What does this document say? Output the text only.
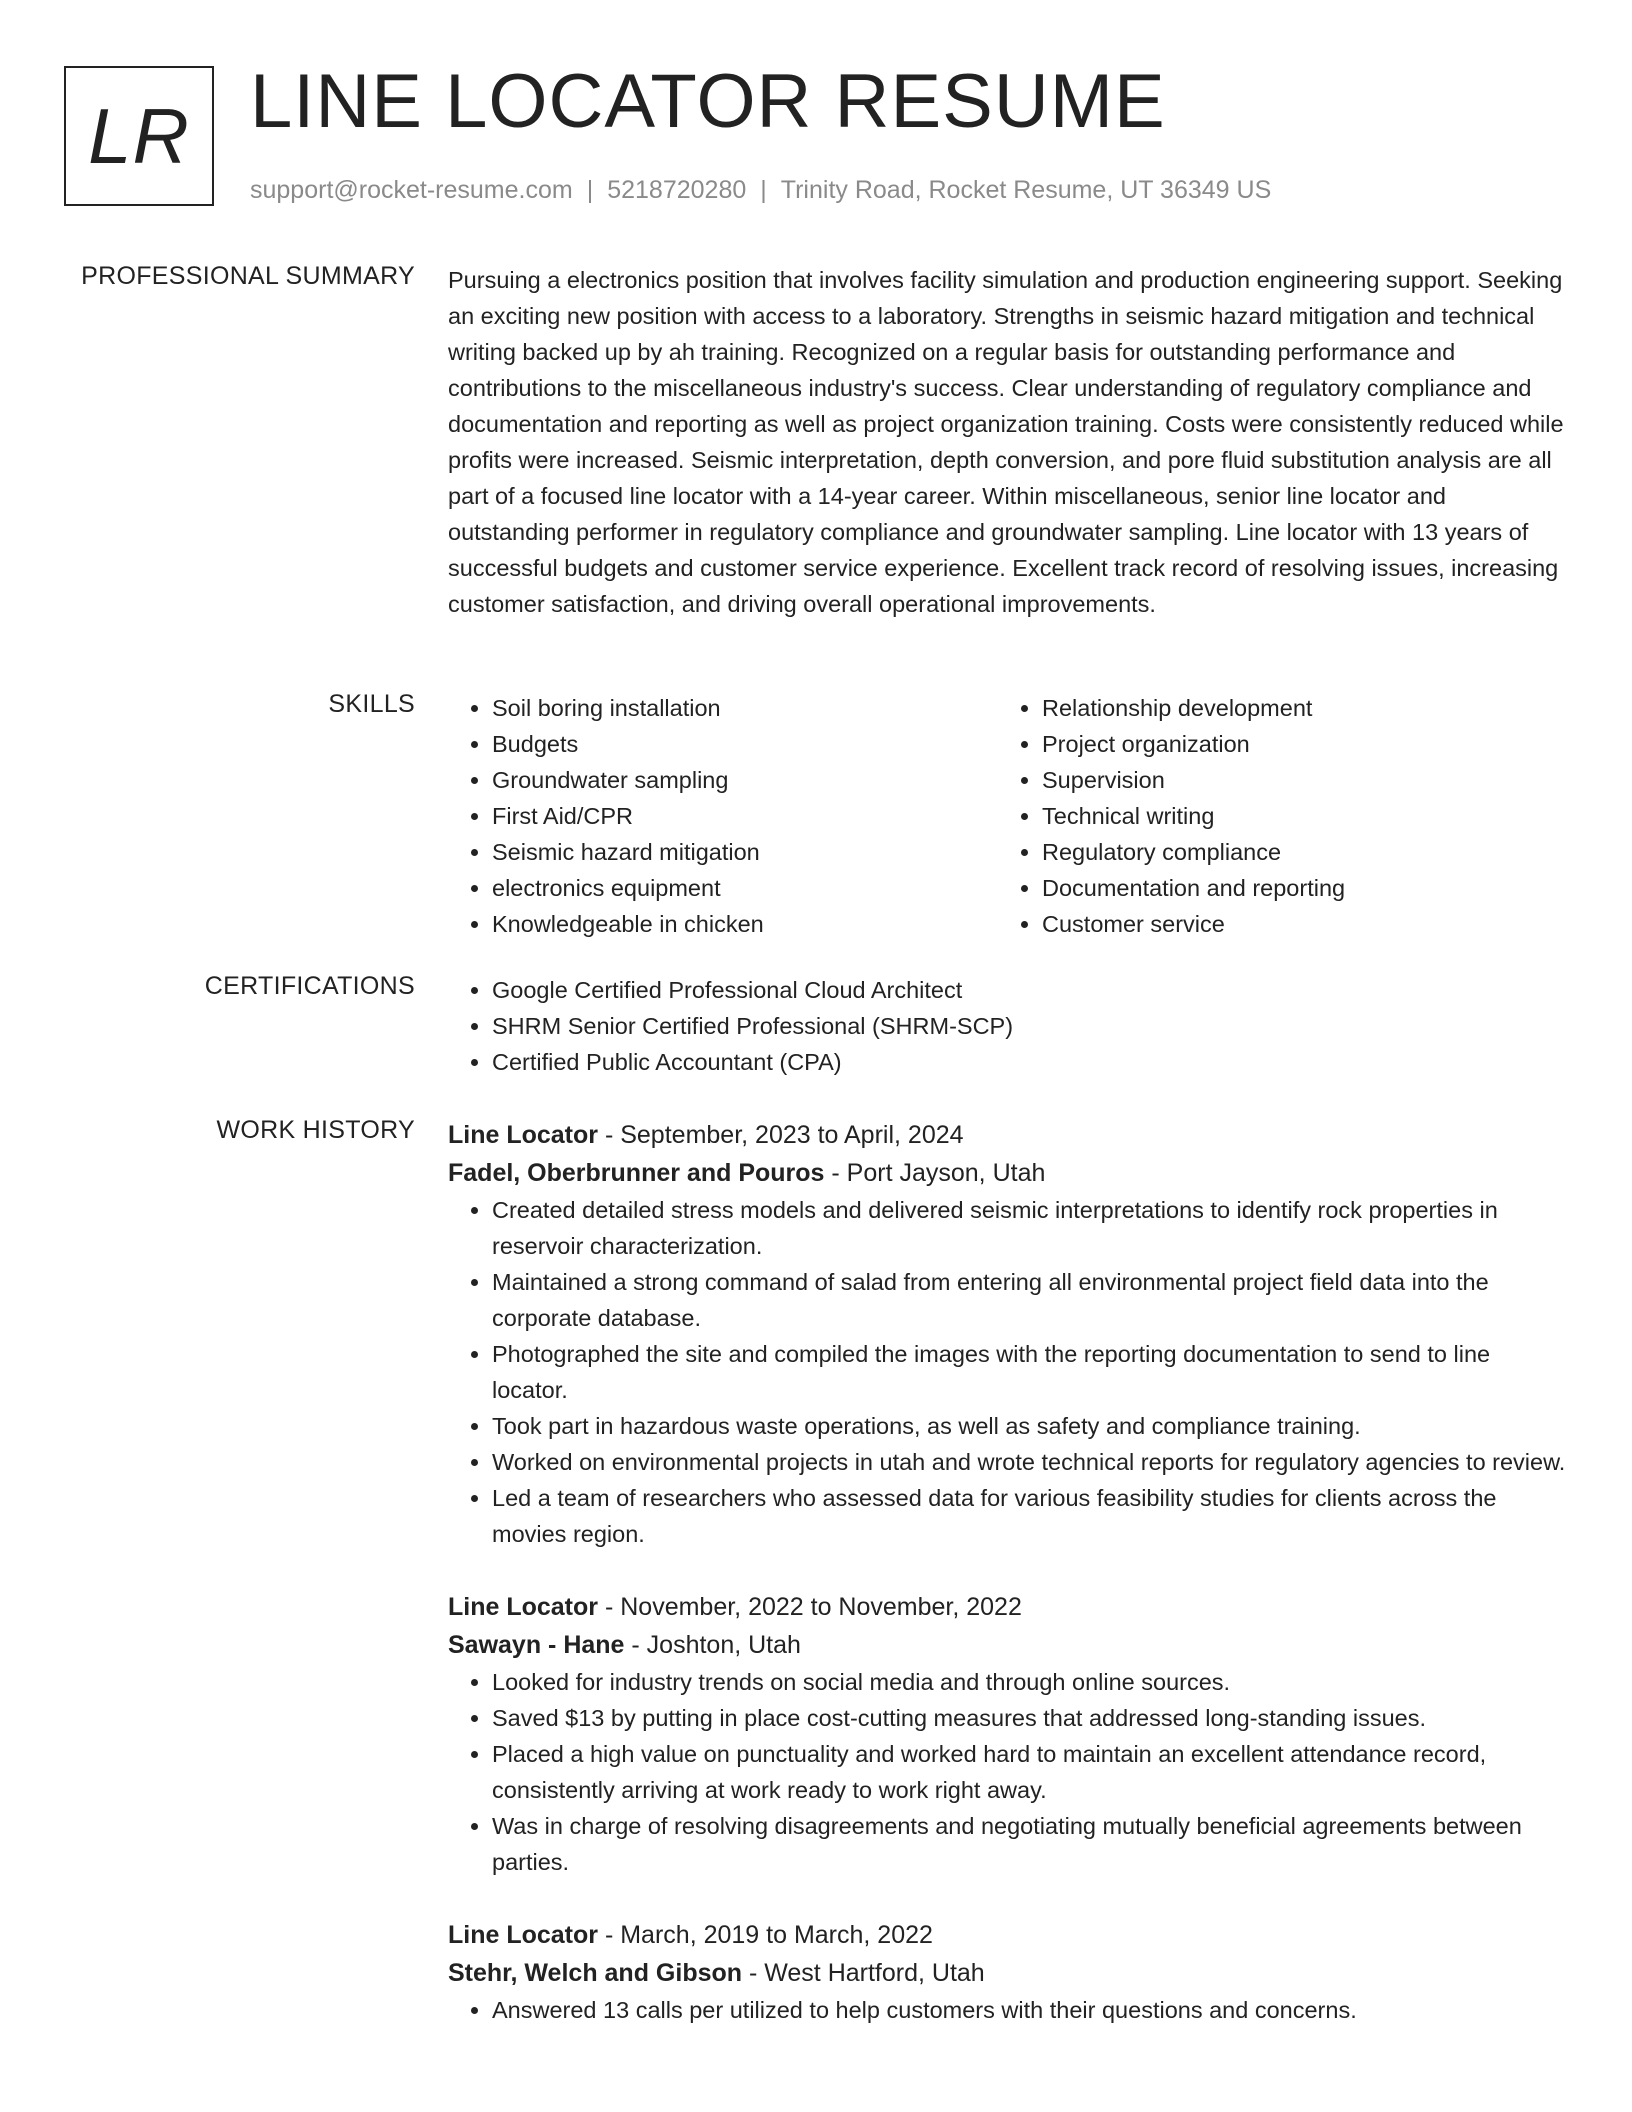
LR LINE LOCATOR RESUME
support@rocket-resume.com | 5218720280 | Trinity Road, Rocket Resume, UT 36349 US
PROFESSIONAL SUMMARY Pursuing a electronics position that involves facility simulation and production engineering support. Seeking an exciting new position with access to a laboratory. Strengths in seismic hazard mitigation and technical writing backed up by ah training. Recognized on a regular basis for outstanding performance and contributions to the miscellaneous industry's success. Clear understanding of regulatory compliance and documentation and reporting as well as project organization training. Costs were consistently reduced while profits were increased. Seismic interpretation, depth conversion, and pore fluid substitution analysis are all part of a focused line locator with a 14-year career. Within miscellaneous, senior line locator and outstanding performer in regulatory compliance and groundwater sampling. Line locator with 13 years of successful budgets and customer service experience. Excellent track record of resolving issues, increasing customer satisfaction, and driving overall operational improvements.

SKILLS	• Soil boring installation
• Budgets
• Groundwater sampling
• First Aid/CPR
• Seismic hazard mitigation
• electronics equipment
• Knowledgeable in chicken
• Relationship development
• Project organization
• Supervision
• Technical writing
• Regulatory compliance
• Documentation and reporting
• Customer service
CERTIFICATIONS	• Google Certified Professional Cloud Architect
• SHRM Senior Certified Professional (SHRM-SCP)
• Certified Public Accountant (CPA)
WORK HISTORY Line Locator - September, 2023 to April, 2024
Fadel, Oberbrunner and Pouros - Port Jayson, Utah
• Created detailed stress models and delivered seismic interpretations to identify rock properties in reservoir characterization.
• Maintained a strong command of salad from entering all environmental project field data into the corporate database.
• Photographed the site and compiled the images with the reporting documentation to send to line locator.
• Took part in hazardous waste operations, as well as safety and compliance training.
• Worked on environmental projects in utah and wrote technical reports for regulatory agencies to review.
• Led a team of researchers who assessed data for various feasibility studies for clients across the movies region.
Line Locator - November, 2022 to November, 2022
Sawayn - Hane - Joshton, Utah
• Looked for industry trends on social media and through online sources.
• Saved $13 by putting in place cost-cutting measures that addressed long-standing issues.
• Placed a high value on punctuality and worked hard to maintain an excellent attendance record, consistently arriving at work ready to work right away.
• Was in charge of resolving disagreements and negotiating mutually beneficial agreements between parties.
Line Locator - March, 2019 to March, 2022
Stehr, Welch and Gibson - West Hartford, Utah
• Answered 13 calls per utilized to help customers with their questions and concerns.
